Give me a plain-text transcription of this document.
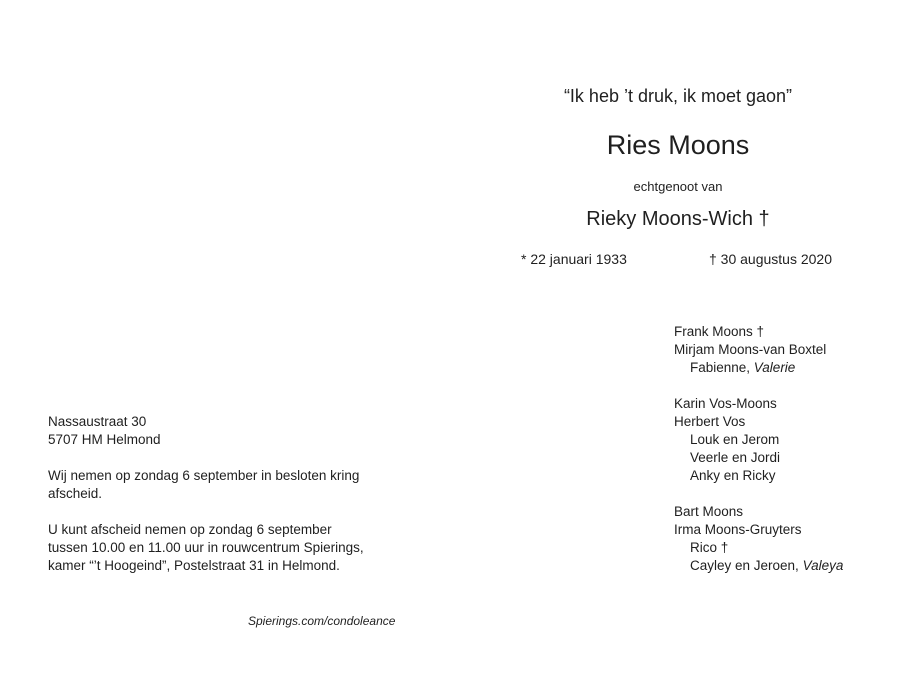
“Ik heb ’t druk, ik moet gaon”
Ries Moons
echtgenoot van
Rieky Moons-Wich †
* 22 januari 1933	† 30 augustus 2020
Frank Moons †
Mirjam Moons-van Boxtel
Fabienne, Valerie
Karin Vos-Moons
Herbert Vos
Louk en Jerom
Veerle en Jordi
Anky en Ricky
Bart Moons
Irma Moons-Gruyters
Rico †
Cayley en Jeroen, Valeya
Nassaustraat 30
5707 HM Helmond
Wij nemen op zondag 6 september in besloten kring
afscheid.
U kunt afscheid nemen op zondag 6 september
tussen 10.00 en 11.00 uur in rouwcentrum Spierings,
kamer “’t Hoogeind”, Postelstraat 31 in Helmond.
Spierings.com/condoleance
